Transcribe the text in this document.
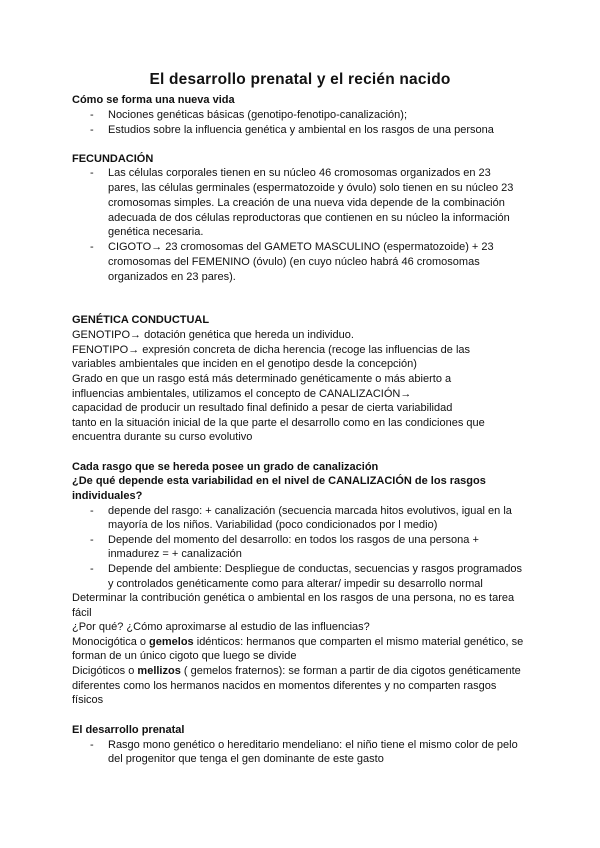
El desarrollo prenatal y el recién nacido
Cómo se forma una nueva vida
- Nociones genéticas básicas (genotipo-fenotipo-canalización);
- Estudios sobre la influencia genética y ambiental en los rasgos de una persona
FECUNDACIÓN
- Las células corporales tienen en su núcleo 46 cromosomas organizados en 23
pares, las células germinales (espermatozoide y óvulo) solo tienen en su núcleo 23
cromosomas simples. La creación de una nueva vida depende de la combinación
adecuada de dos células reproductoras que contienen en su núcleo la información
genética necesaria.
- CIGOTO→ 23 cromosomas del GAMETO MASCULINO (espermatozoide) + 23
cromosomas del FEMENINO (óvulo) (en cuyo núcleo habrá 46 cromosomas
organizados en 23 pares).
GENÉTICA CONDUCTUAL
GENOTIPO→ dotación genética que hereda un individuo.
FENOTIPO→ expresión concreta de dicha herencia (recoge las influencias de las
variables ambientales que inciden en el genotipo desde la concepción)
Grado en que un rasgo está más determinado genéticamente o más abierto a
influencias ambientales, utilizamos el concepto de CANALIZACIÓN→
capacidad de producir un resultado final definido a pesar de cierta variabilidad
tanto en la situación inicial de la que parte el desarrollo como en las condiciones que
encuentra durante su curso evolutivo
Cada rasgo que se hereda posee un grado de canalización
¿De qué depende esta variabilidad en el nivel de CANALIZACIÓN de los rasgos
individuales?
- depende del rasgo: + canalización (secuencia marcada hitos evolutivos, igual en la
mayoría de los niños. Variabilidad (poco condicionados por l medio)
- Depende del momento del desarrollo: en todos los rasgos de una persona +
inmadurez = + canalización
- Depende del ambiente: Despliegue de conductas, secuencias y rasgos programados
y controlados genéticamente como para alterar/ impedir su desarrollo normal
Determinar la contribución genética o ambiental en los rasgos de una persona, no es tarea
fácil
¿Por qué? ¿Cómo aproximarse al estudio de las influencias?
Monocigótica o gemelos idénticos: hermanos que comparten el mismo material genético, se
forman de un único cigoto que luego se divide
Dicigóticos o mellizos ( gemelos fraternos): se forman a partir de dia cigotos genéticamente
diferentes como los hermanos nacidos en momentos diferentes y no comparten rasgos
físicos
El desarrollo prenatal
- Rasgo mono genético o hereditario mendeliano: el niño tiene el mismo color de pelo
del progenitor que tenga el gen dominante de este gasto
